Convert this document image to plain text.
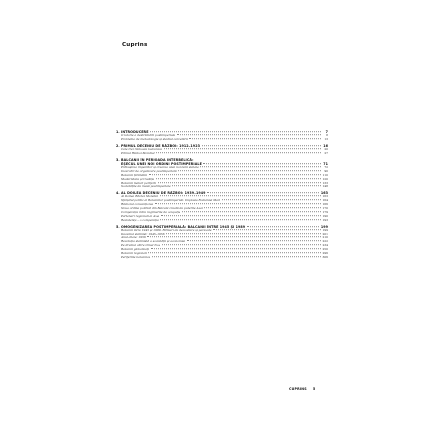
Cuprins
1.INTRODUCERE	7
O istorie a destrămării postimperiale	8
Probleme de metodologie și stadiul cercetării	13
2.PRIMUL DECENIU DE RĂZBOI: 1912–1923	16
Cele trei războaie balcanice	20
Primul Război Mondial	27
3.BALCANII ÎN PERIOADA INTERBELICĂ:
EȘECUL UNEI NOI ORDINI POSTIMPERIALE	71
Prăbușirea imperiilor și crearea unei noi lumi statale	72
Încercări de organizare postimperială	90
Balcanii țărănimii	110
Modernitate și tradiție	120
Balcanii maluri periferii	133
Societățile de masă postimperiale	148
4.AL DOILEA DECENIU DE RĂZBOI: 1939–1949	163
Al Doilea Război Mondial	163
Sfârșitul politic al Balcanilor postimperiali. Implosia României Mari	164
Războiul convențional	166
Noua ordine politică din Balcani creată de puterile Axei	170
Comparație între regimurile de ocupație	179
Parteneri regionali ai Axei	190
Rezistența – o comparație	193
5.OMOGENIZAREA POSTIMPERIALĂ: BALCANII ÎNTRE 1945 ȘI 1989	199
Balcanii între 1945 și 1989. Ritmuri de dezvoltare și perioade	199
Deceniul stalinist: 1945–1956	201
Anul-cheie: 1956	210
Revoluția stalinistă a societății și economiei	222
Pe drumul către Omul Nou	234
Balcanii globalizați	250
Balcanii regionali	296
Periferiile balcanice	306
CUPRINS 5
